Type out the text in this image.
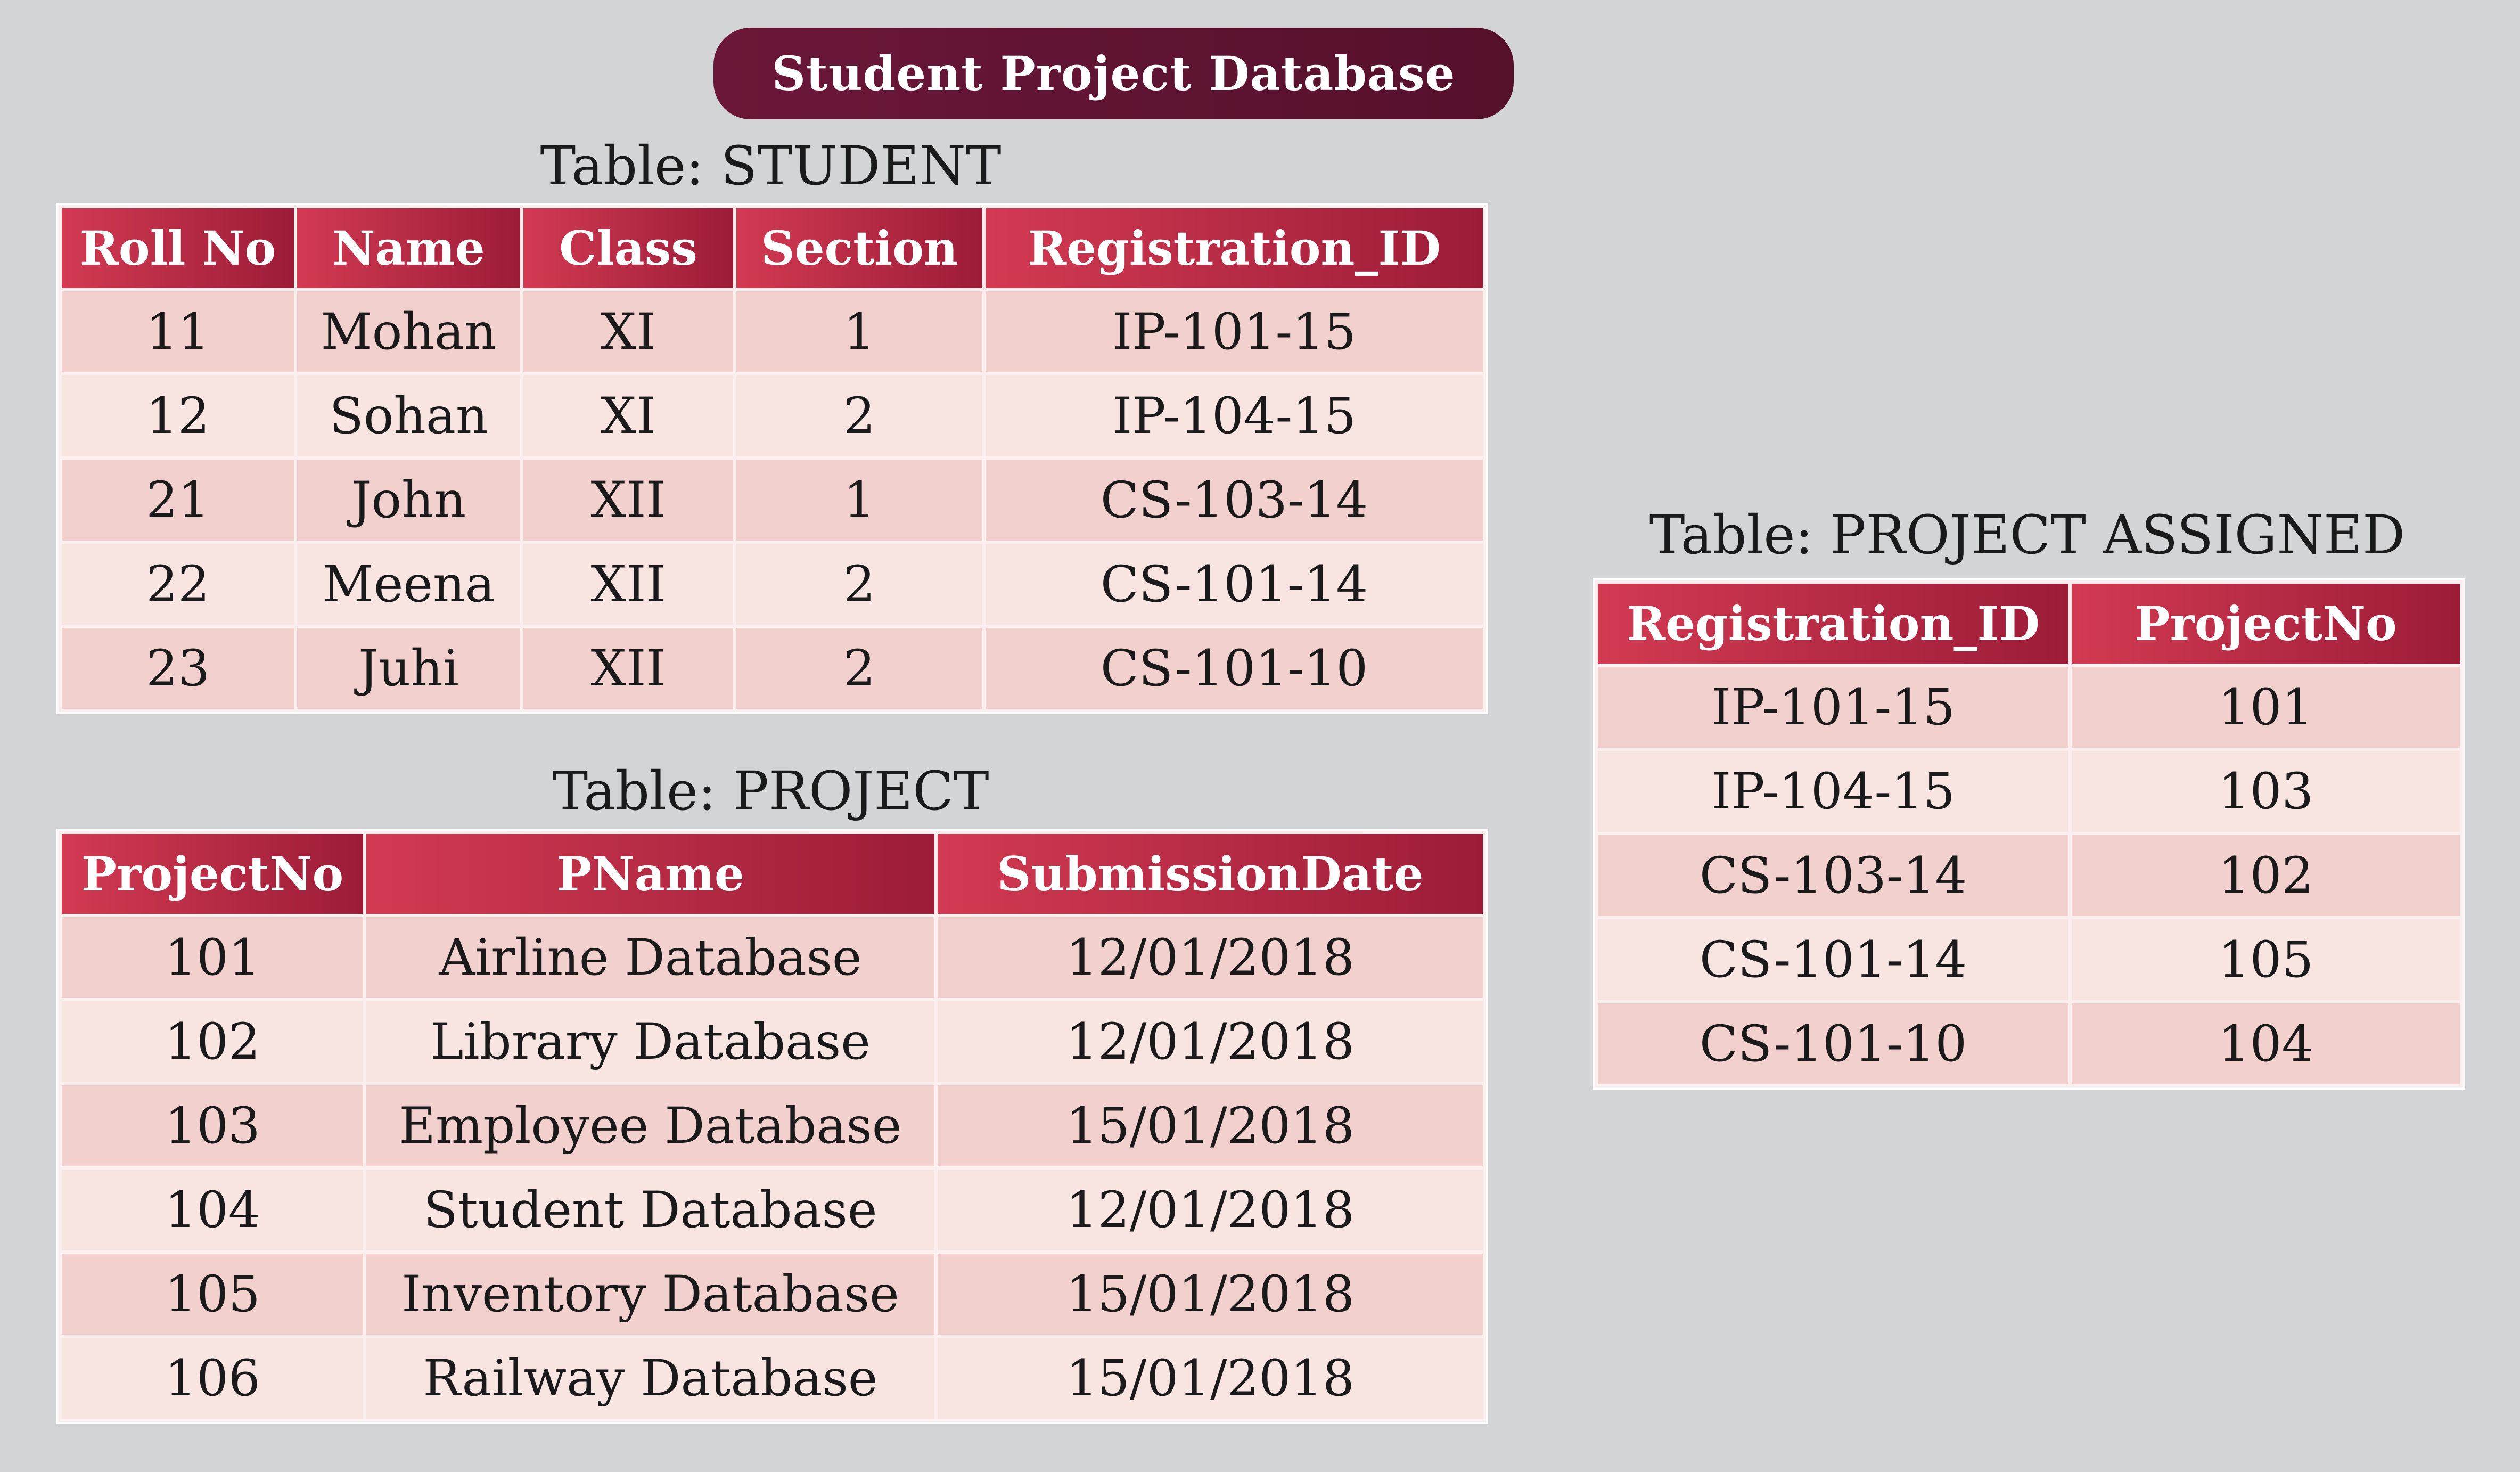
Student Project Database
Table: STUDENT
Roll No	Name	Class	Section	Registration_ID
11	Mohan	XI	1	IP-101-15
12	Sohan	XI	2	IP-104-15
21	John	XII	1	CS-103-14
22	Meena	XII	2	CS-101-14
23	Juhi	XII	2	CS-101-10
Table: PROJECT
ProjectNo	PName	SubmissionDate
101	Airline Database	12/01/2018
102	Library Database	12/01/2018
103	Employee Database	15/01/2018
104	Student Database	12/01/2018
105	Inventory Database	15/01/2018
106	Railway Database	15/01/2018
Table: PROJECT ASSIGNED
Registration_ID	ProjectNo
IP-101-15	101
IP-104-15	103
CS-103-14	102
CS-101-14	105
CS-101-10	104
